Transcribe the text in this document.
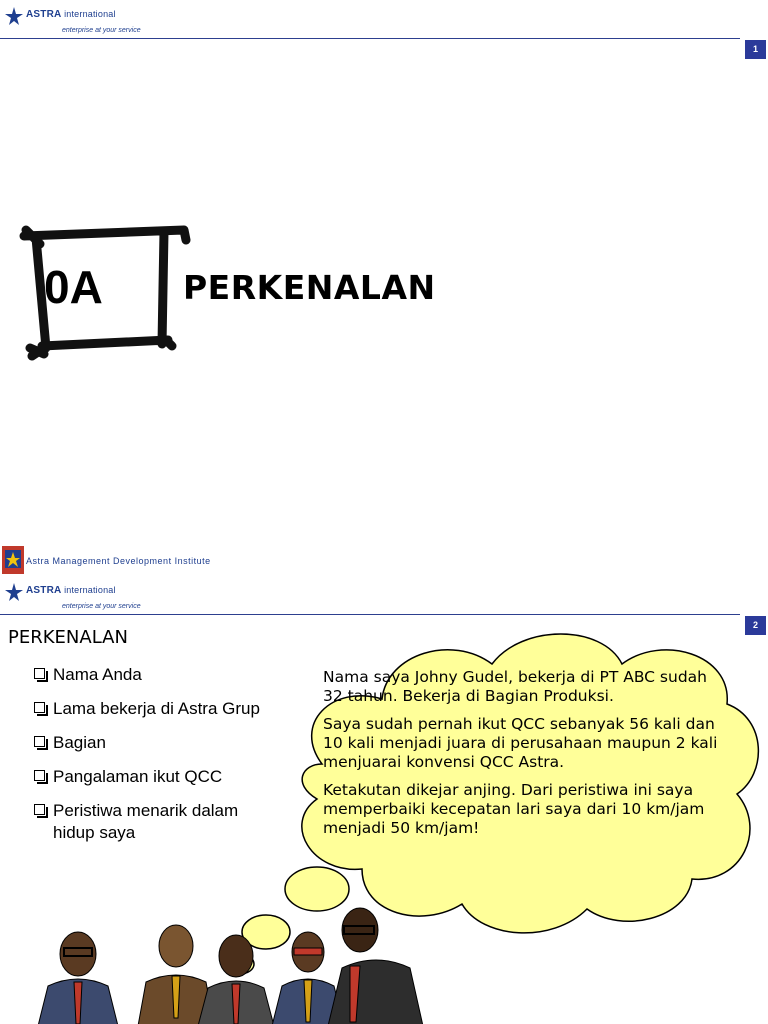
ASTRA international
enterprise at your service
1
0A PERKENALAN
Astra Management Development Institute
ASTRA international
enterprise at your service
2
PERKENALAN
Nama Anda
Lama bekerja di Astra Grup
Bagian
Pangalaman ikut QCC
Peristiwa menarik dalam hidup saya

Nama saya Johny Gudel, bekerja di PT ABC sudah 32 tahun. Bekerja di Bagian Produksi.

Saya sudah pernah ikut QCC sebanyak 56 kali dan 10 kali menjadi juara di perusahaan maupun 2 kali menjuarai konvensi QCC Astra.

Ketakutan dikejar anjing. Dari peristiwa ini saya memperbaiki kecepatan lari saya dari 10 km/jam menjadi 50 km/jam!
